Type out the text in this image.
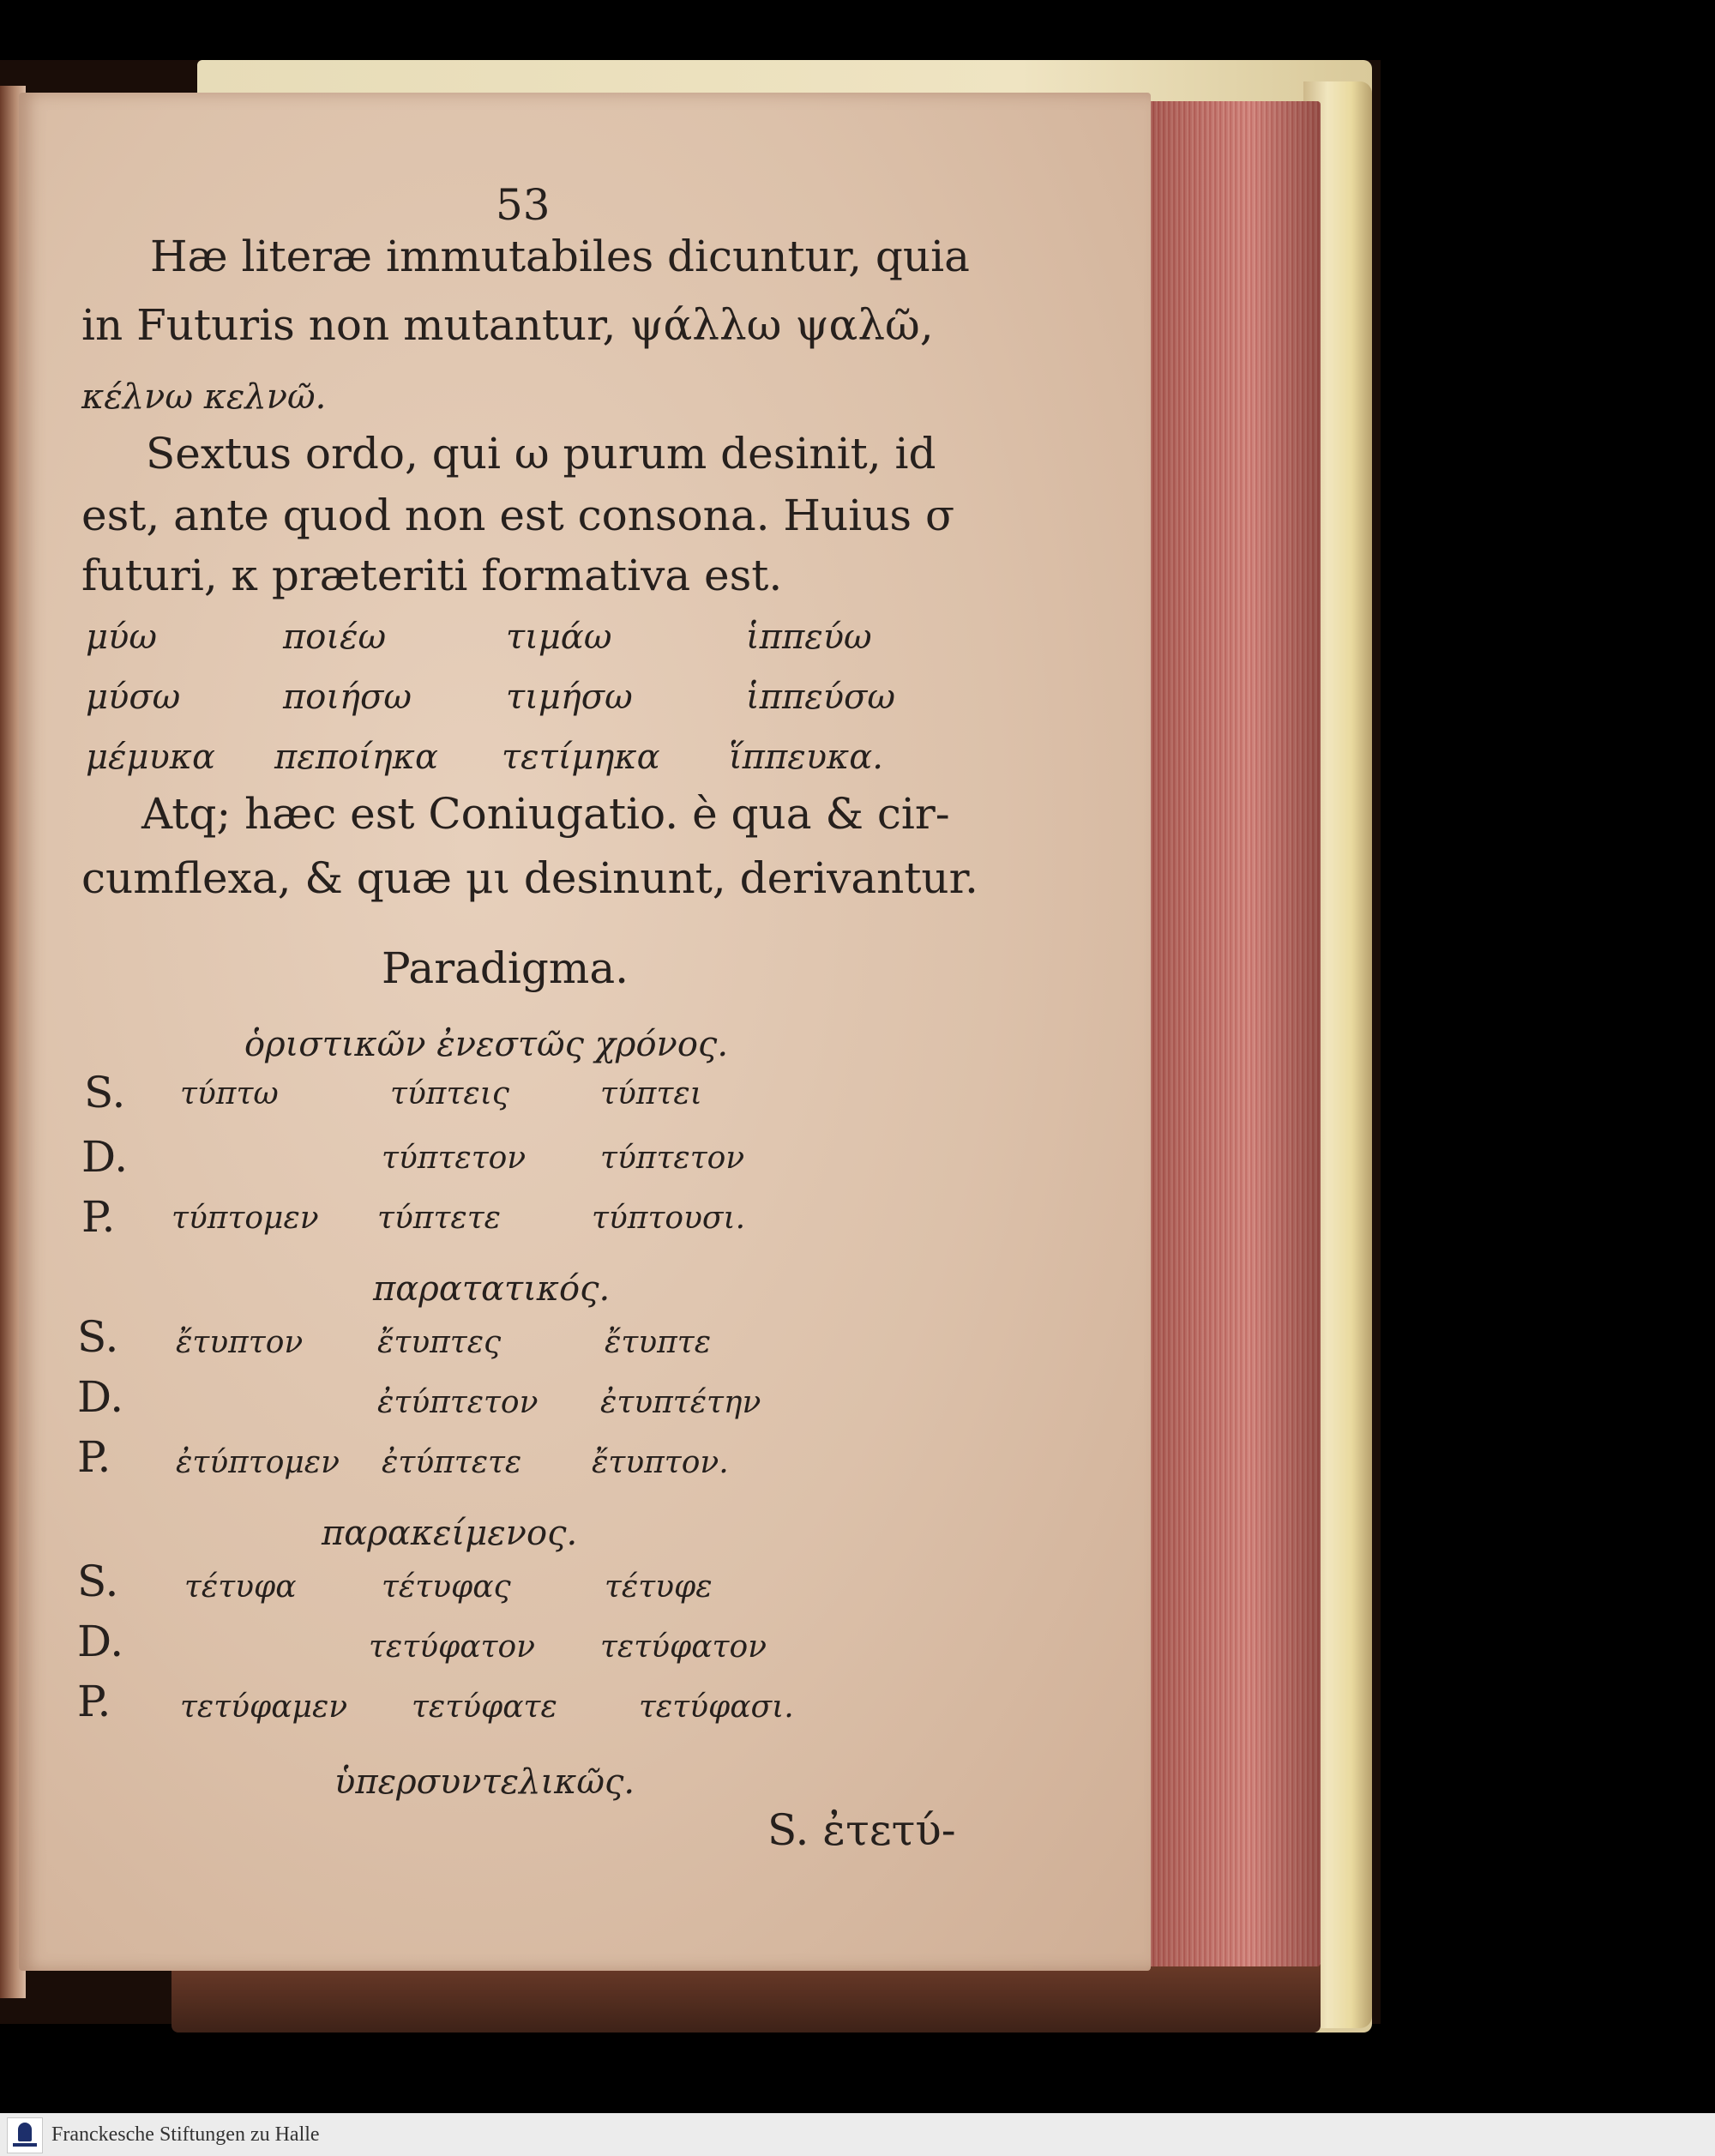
53
Hæ literæ immutabiles dicuntur, quia
in Futuris non mutantur, ψάλλω ψαλῶ,
κέλνω κελνῶ.
Sextus ordo, qui ω purum desinit, id
est, ante quod non est consona. Huius σ
futuri, κ præteriti formativa est.
μύω	ποιέω	τιμάω	ἱππεύω
μύσω	ποιήσω	τιμήσω	ἱππεύσω
μέμυκα πεποίηκα τετίμηκα ἵππευκα.
Atq; hæc est Coniugatio. è qua & cir-
cumflexa, & quæ μι desinunt, derivantur.
Paradigma.
ὁριστικῶν ἐνεστῶς χρόνος.
S. τύπτω	τύπτεις	τύπτει
D.	τύπτετον τύπτετον
P. τύπτομεν τύπτετε	τύπτουσι.
παρατατικός.
S. ἔτυπτον ἔτυπτες	ἔτυπτε
D.	ἐτύπτετον ἐτυπτέτην
P. ἐτύπτομεν ἐτύπτετε ἔτυπτον.
παρακείμενος.
S. τέτυφα	τέτυφας	τέτυφε
D.	τετύφατον τετύφατον
P. τετύφαμεν τετύφατε	τετύφασι.
ὑπερσυντελικῶς.
S. ἐτετύ-
Franckesche Stiftungen zu Halle
